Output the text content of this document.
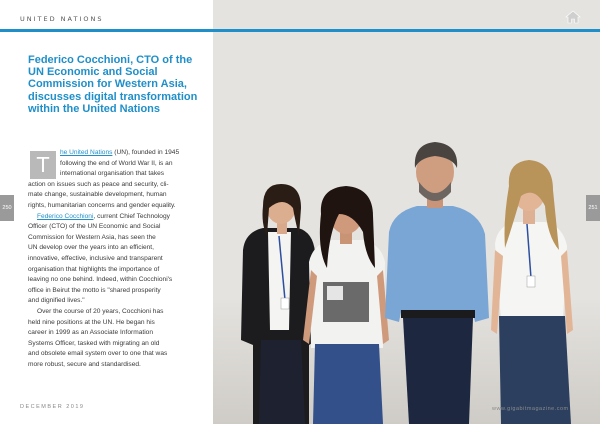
UNITED NATIONS
Federico Cocchioni, CTO of the UN Economic and Social Commission for Western Asia, discusses digital transformation within the United Nations
T
he United Nations (UN), founded in 1945
following the end of World War II, is an
international organisation that takes
action on issues such as peace and security, cli-
mate change, sustainable development, human
rights, humanitarian concerns and gender equality.
Federico Cocchioni, current Chief Technology
Officer (CTO) of the UN Economic and Social
Commission for Western Asia, has seen the
UN develop over the years into an efficient,
innovative, effective, inclusive and transparent
organisation that highlights the importance of
leaving no one behind. Indeed, within Cocchioni's
office in Beirut the motto is "shared prosperity
and dignified lives."
Over the course of 20 years, Cocchioni has
held nine positions at the UN. He began his
career in 1999 as an Associate Information
Systems Officer, tasked with migrating an old
and obsolete email system over to one that was
more robust, secure and standardised.
DECEMBER 2019
250	251
www.gigabitmagazine.com
